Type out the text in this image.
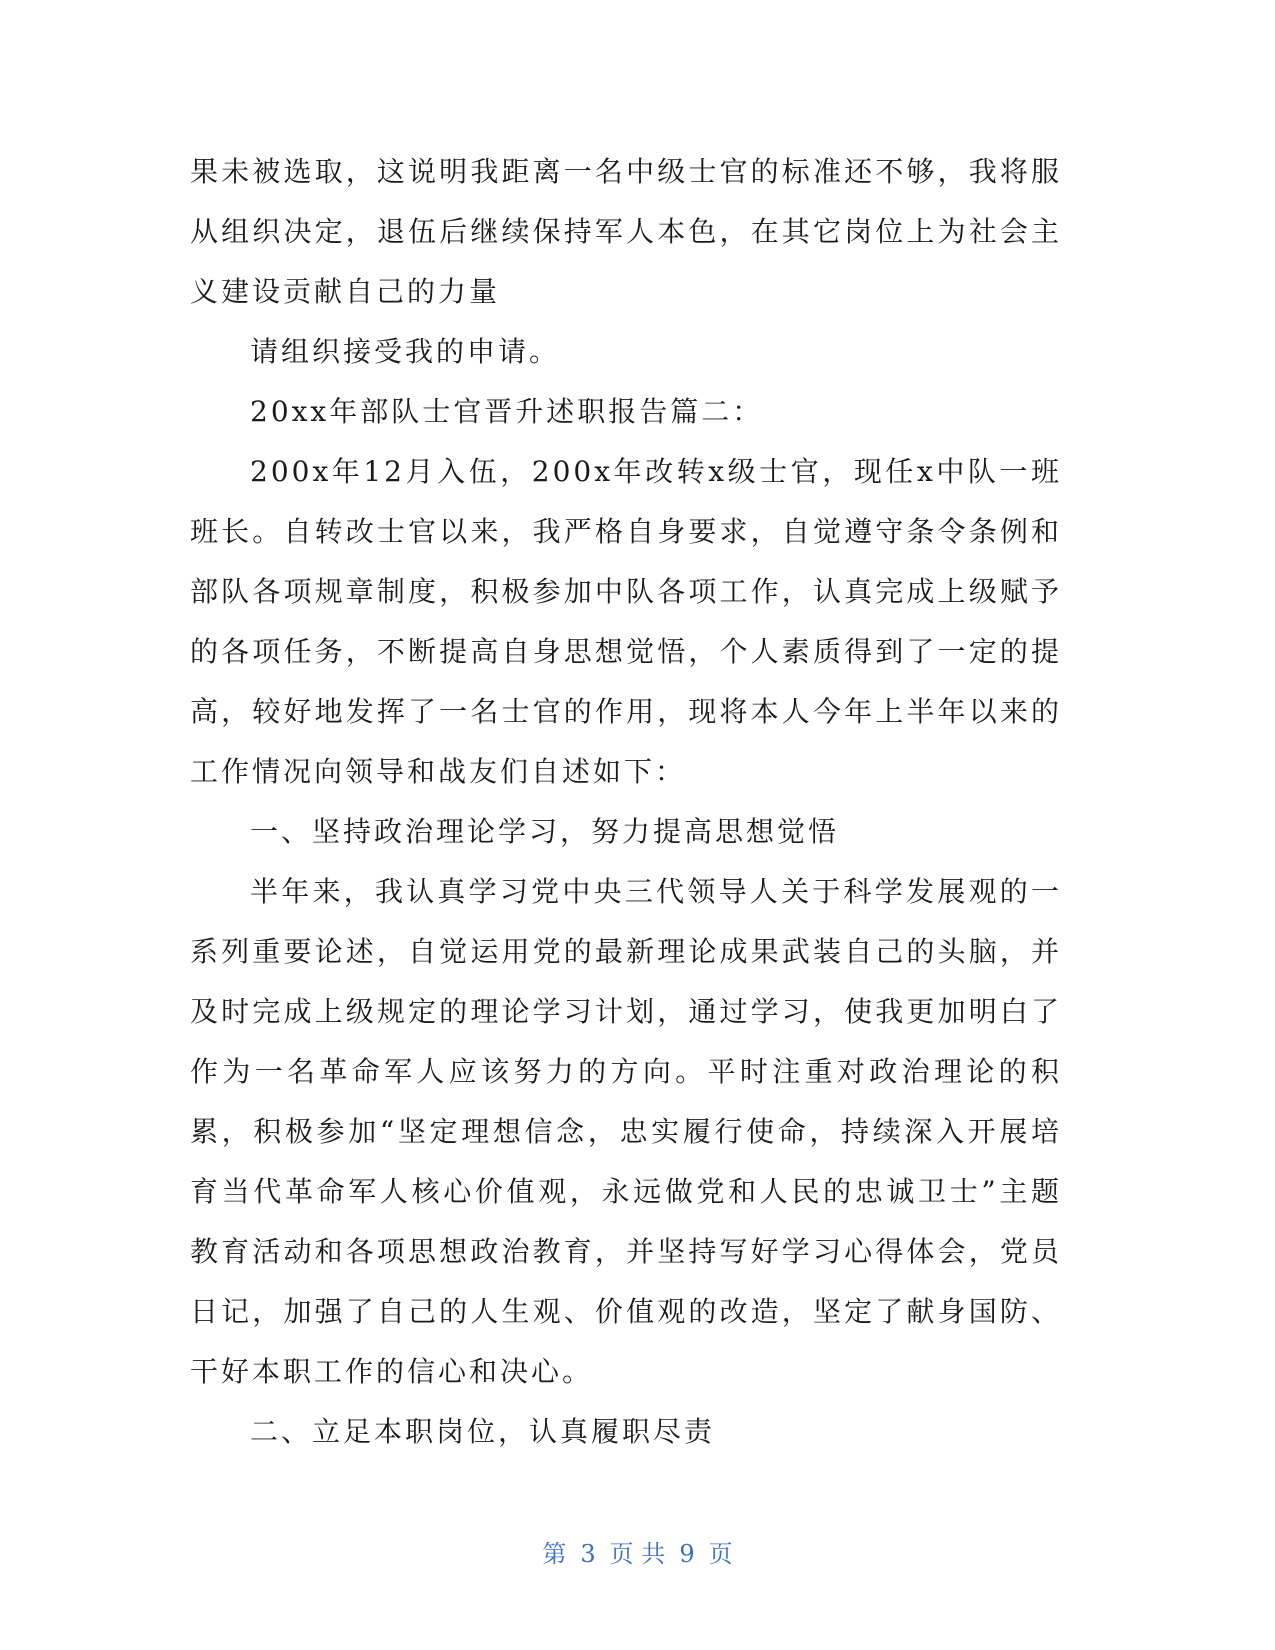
果未被选取，这说明我距离一名中级士官的标准还不够，我将服从组织决定，退伍后继续保持军人本色，在其它岗位上为社会主义建设贡献自己的力量

请组织接受我的申请。

20xx年部队士官晋升述职报告篇二：

200x年12月入伍，200x年改转x级士官，现任x中队一班班长。自转改士官以来，我严格自身要求，自觉遵守条令条例和部队各项规章制度，积极参加中队各项工作，认真完成上级赋予的各项任务，不断提高自身思想觉悟，个人素质得到了一定的提高，较好地发挥了一名士官的作用，现将本人今年上半年以来的工作情况向领导和战友们自述如下：

一、坚持政治理论学习，努力提高思想觉悟

半年来，我认真学习党中央三代领导人关于科学发展观的一系列重要论述，自觉运用党的最新理论成果武装自己的头脑，并及时完成上级规定的理论学习计划，通过学习，使我更加明白了作为一名革命军人应该努力的方向。平时注重对政治理论的积累，积极参加“坚定理想信念，忠实履行使命，持续深入开展培育当代革命军人核心价值观，永远做党和人民的忠诚卫士”主题教育活动和各项思想政治教育，并坚持写好学习心得体会，党员日记，加强了自己的人生观、价值观的改造，坚定了献身国防、干好本职工作的信心和决心。

二、立足本职岗位，认真履职尽责

第 3 页 共 9 页
